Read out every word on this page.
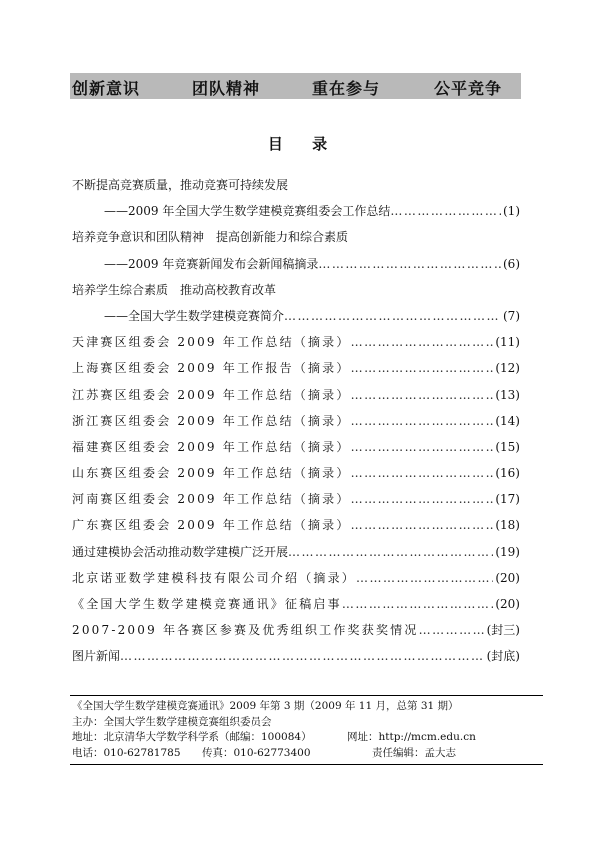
创新意识	团队精神	重在参与	公平竞争
目 录
不断提高竞赛质量，推动竞赛可持续发展
——2009 年全国大学生数学建模竞赛组委会工作总结 …………………………………………………………………………………………………………	(1)
培养竞争意识和团队精神　提高创新能力和综合素质
——2009 年竞赛新闻发布会新闻稿摘录 …………………………………………………………………………………………………………	(6)
培养学生综合素质　推动高校教育改革
——全国大学生数学建模竞赛简介 …………………………………………………………………………………………………………	(7)
天津赛区组委会 2009 年工作总结（摘录） …………………………………………………………………………………………………………	(11)
上海赛区组委会 2009 年工作报告（摘录） …………………………………………………………………………………………………………	(12)
江苏赛区组委会 2009 年工作总结（摘录） …………………………………………………………………………………………………………	(13)
浙江赛区组委会 2009 年工作总结（摘录） …………………………………………………………………………………………………………	(14)
福建赛区组委会 2009 年工作总结（摘录） …………………………………………………………………………………………………………	(15)
山东赛区组委会 2009 年工作总结（摘录） …………………………………………………………………………………………………………	(16)
河南赛区组委会 2009 年工作总结（摘录） …………………………………………………………………………………………………………	(17)
广东赛区组委会 2009 年工作总结（摘录） …………………………………………………………………………………………………………	(18)
通过建模协会活动推动数学建模广泛开展 …………………………………………………………………………………………………………	(19)
北京诺亚数学建模科技有限公司介绍（摘录） …………………………………………………………………………………………………………	(20)
《全国大学生数学建模竞赛通讯》征稿启事 …………………………………………………………………………………………………………	(20)
2007-2009 年各赛区参赛及优秀组织工作奖获奖情况 …………………………………………………………………………………………………………	(封三)
图片新闻 …………………………………………………………………………………………………………	(封底)
《全国大学生数学建模竞赛通讯》2009 年第 3 期（2009 年 11 月，总第 31 期）
主办：全国大学生数学建模竞赛组织委员会
地址：北京清华大学数学科学系（邮编：100084）	网址：http://mcm.edu.cn
电话：010-62781785 传真：010-62773400	责任编辑：孟大志
